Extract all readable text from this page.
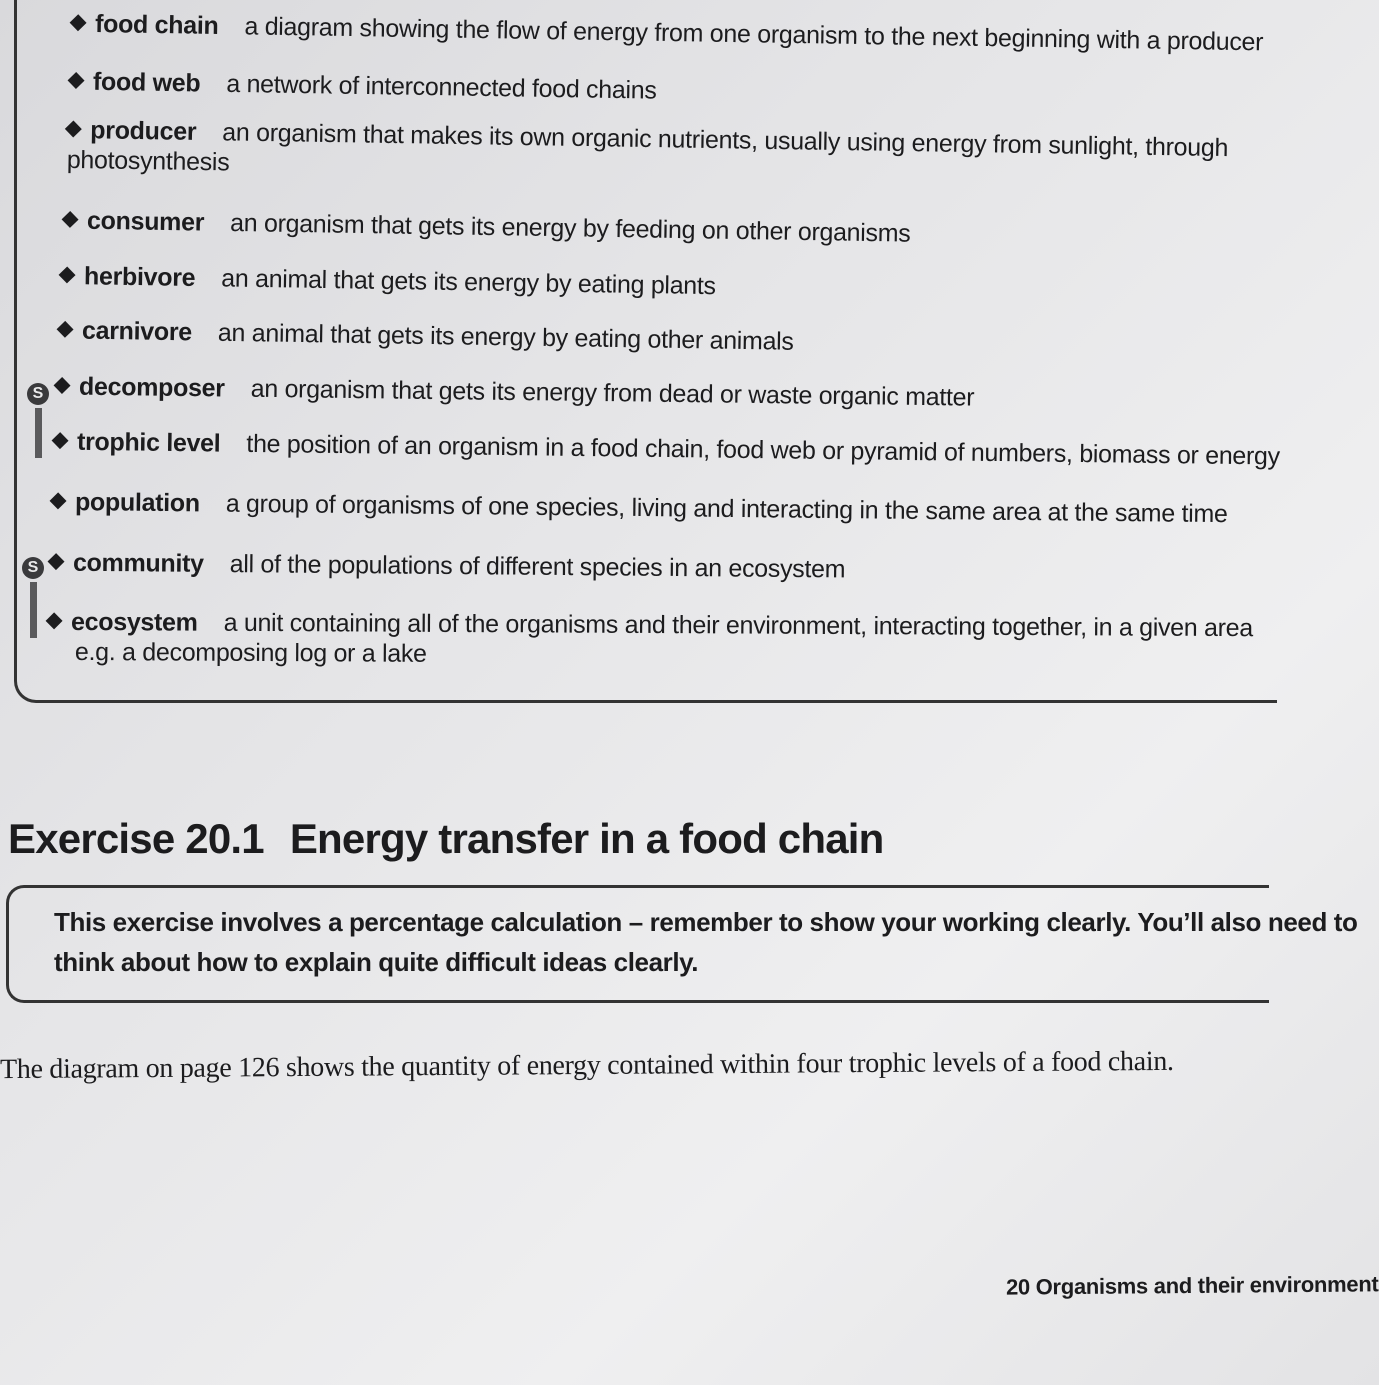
food chain a diagram showing the flow of energy from one organism to the next beginning with a producer
food web a network of interconnected food chains
producer an organism that makes its own organic nutrients, usually using energy from sunlight, through
photosynthesis
consumer an organism that gets its energy by feeding on other organisms
herbivore an animal that gets its energy by eating plants
carnivore an animal that gets its energy by eating other animals
S	decomposer an organism that gets its energy from dead or waste organic matter
trophic level the position of an organism in a food chain, food web or pyramid of numbers, biomass or energy
population a group of organisms of one species, living and interacting in the same area at the same time
S	community all of the populations of different species in an ecosystem
ecosystem a unit containing all of the organisms and their environment, interacting together, in a given area
e.g. a decomposing log or a lake
Exercise 20.1 Energy transfer in a food chain
This exercise involves a percentage calculation – remember to show your working clearly. You’ll also need to
think about how to explain quite difficult ideas clearly.
The diagram on page 126 shows the quantity of energy contained within four trophic levels of a food chain.
20 Organisms and their environment
